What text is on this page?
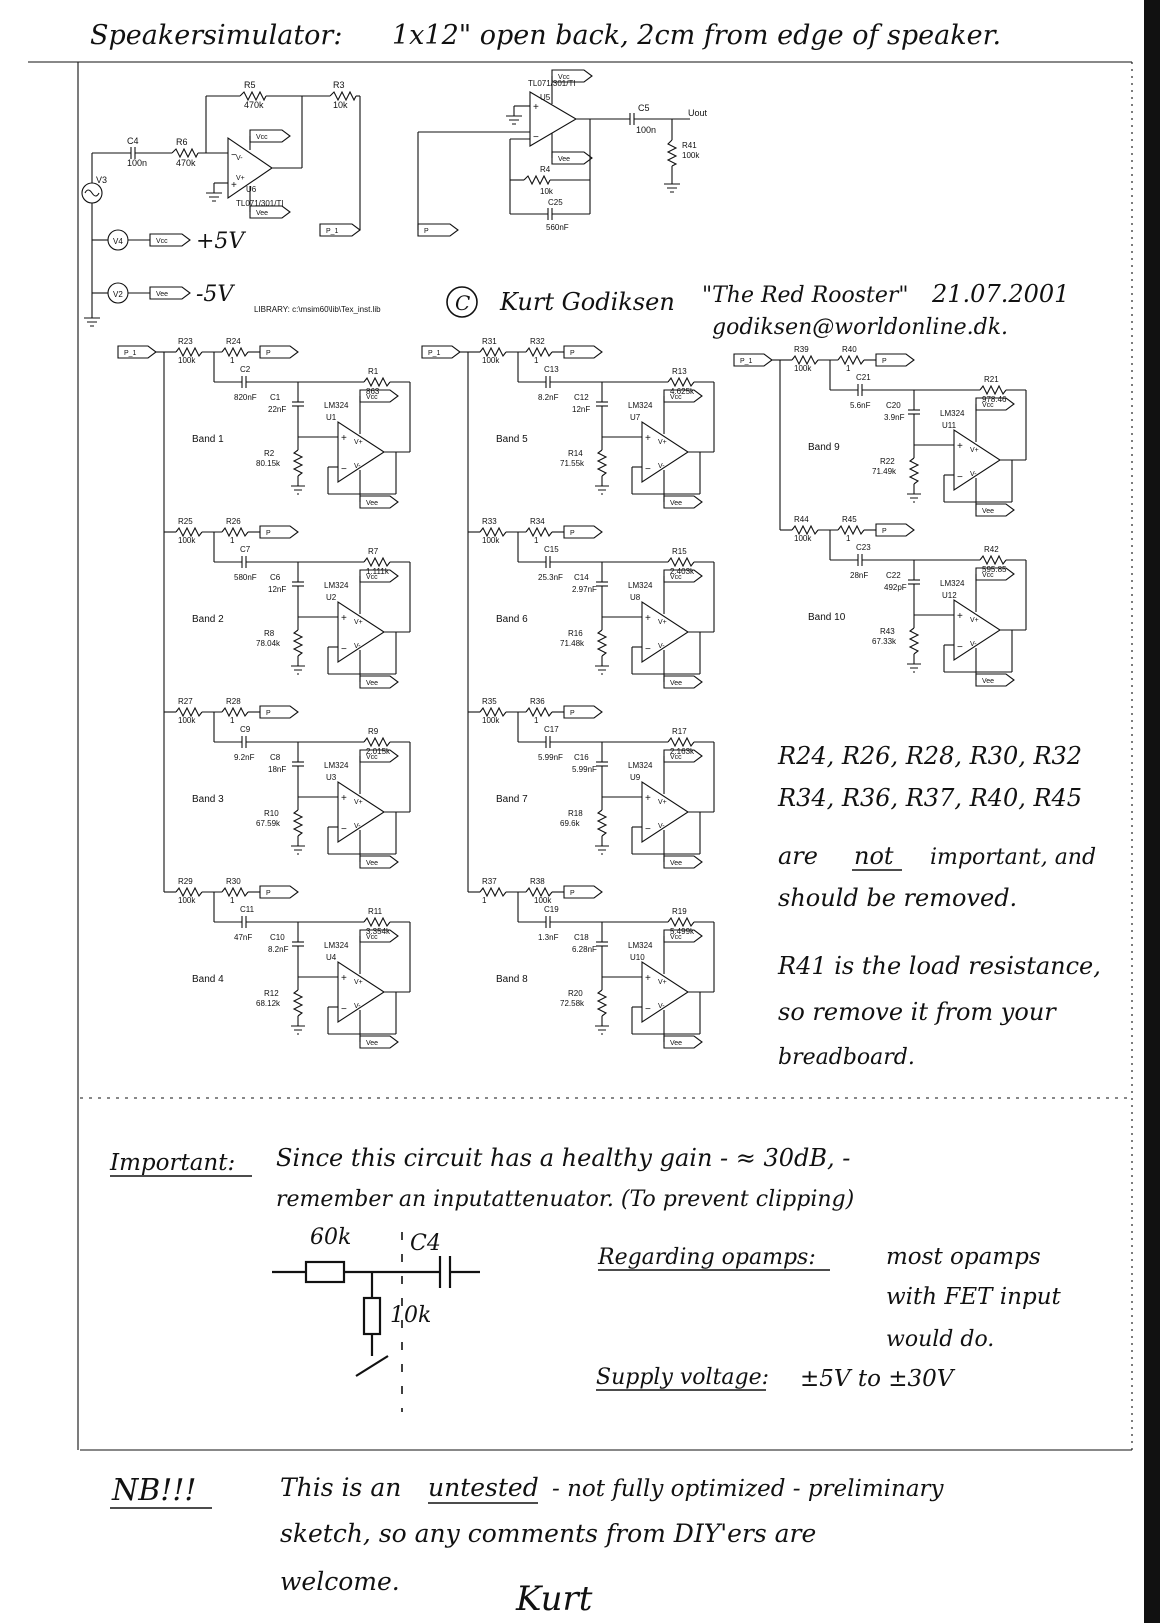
Speakersimulator: 1x12" open back, 2cm from edge of speaker.
V3
C4
100n
R6
470k
−
+
V-
V+
U6
TL071/301/TI
Vcc
Vee
R5
470k
R3
10k
P_1
V4	Vcc +5V
V2	Vee -5V
LIBRARY: c:\msim60\lib\Tex_inst.lib
P
+
−
U5
TL071/301/TI
Vcc
Vee
C5
100n
Uout
R41
100k
R4
10k
C25
560nF
C Kurt Godiksen "The Red Rooster" 21.07.2001
godiksen@worldonline.dk.
P_1
R23
100k
R24
1
P
C2
820nF
R1
863
C1
22nF
+
−
V+
V-
LM324
U1
R2
80.15k
Vcc
Vee
Band 1
R25
100k
R26
1
P
C7
580nF
R7
1.111k
C6
12nF
+
−
V+
V-
LM324
U2
R8
78.04k
Vcc
Vee
Band 2
R27
100k
R28
1
P
C9
9.2nF
R9
2.015k
C8
18nF
+
−
V+
V-
LM324
U3
R10
67.59k
Vcc
Vee
Band 3
R29
100k
R30
1
P
C11
47nF
R11
3.354k
C10
8.2nF
+
−
V+
V-
LM324
U4
R12
68.12k
Vcc
Vee
Band 4
P_1
R31
100k
R32
1
P
C13
8.2nF
R13
4.625k
C12
12nF
+
−
V+
V-
LM324
U7
R14
71.55k
Vcc
Vee
Band 5
R33
100k
R34
1
P
C15
25.3nF
R15
2.403k
C14
2.97nF
+
−
V+
V-
LM324
U8
R16
71.48k
Vcc
Vee
Band 6
R35
100k
R36
1
P
C17
5.99nF
R17
2.163k
C16
5.99nF
+
−
V+
V-
LM324
U9
R18
69.6k
Vcc
Vee
Band 7
R37
1
R38
100k
P
C19
1.3nF
R19
5.499k
C18
6.28nF
+
−
V+
V-
LM324
U10
R20
72.58k
Vcc
Vee
Band 8
P_1
R39
100k
R40
1
P
C21
5.6nF
R21
978.46
C20
3.9nF
+
−
V+
V-
LM324
U11
R22
71.49k
Vcc
Vee
Band 9
R44
100k
R45
1
P
C23
28nF
R42
595.85
C22
492pF
+
−
V+
V-
LM324
U12
R43
67.33k
Vcc
Vee
Band 10
R24, R26, R28, R30, R32
R34, R36, R37, R40, R45
are not important, and
should be removed.
R41 is the load resistance,
so remove it from your
breadboard.
Important: Since this circuit has a healthy gain - ≈ 30dB, -
remember an inputattenuator. (To prevent clipping)
60k	C4
10k
Regarding opamps:	most opamps
with FET input
would do.
Supply voltage: ±5V to ±30V
NB!!!	This is an untested - not fully optimized - preliminary
sketch, so any comments from DIY'ers are
welcome.	Kurt
